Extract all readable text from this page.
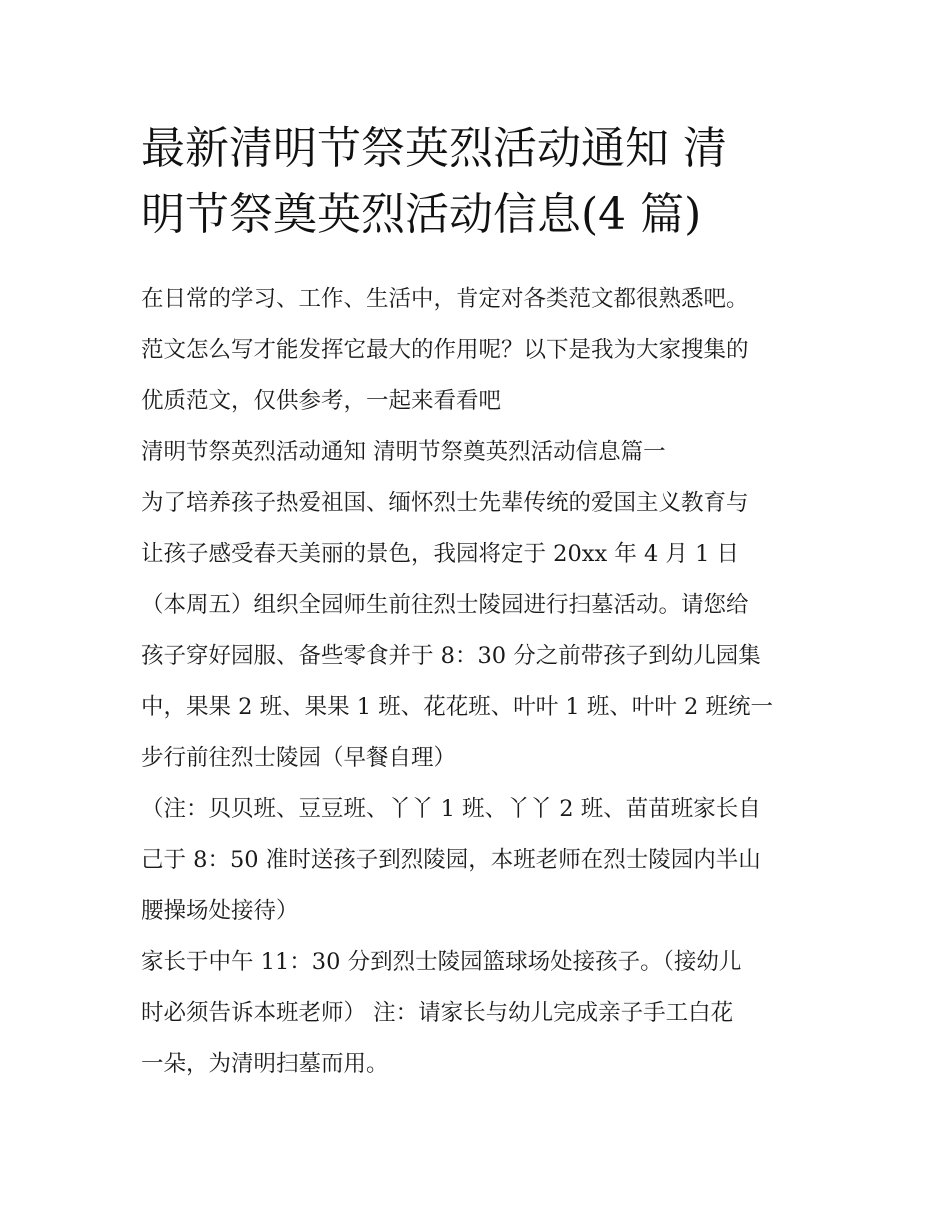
最新清明节祭英烈活动通知 清
明节祭奠英烈活动信息(4 篇)

在日常的学习、工作、生活中，肯定对各类范文都很熟悉吧。

范文怎么写才能发挥它最大的作用呢？以下是我为大家搜集的

优质范文，仅供参考，一起来看看吧

清明节祭英烈活动通知 清明节祭奠英烈活动信息篇一

为了培养孩子热爱祖国、缅怀烈士先辈传统的爱国主义教育与

让孩子感受春天美丽的景色，我园将定于 20xx 年 4 月 1 日

（本周五）组织全园师生前往烈士陵园进行扫墓活动。请您给

孩子穿好园服、备些零食并于 8：30 分之前带孩子到幼儿园集

中，果果 2 班、果果 1 班、花花班、叶叶 1 班、叶叶 2 班统一

步行前往烈士陵园（早餐自理）

（注：贝贝班、豆豆班、丫丫 1 班、丫丫 2 班、苗苗班家长自

己于 8：50 准时送孩子到烈陵园，本班老师在烈士陵园内半山

腰操场处接待）

家长于中午 11：30 分到烈士陵园篮球场处接孩子。（接幼儿

时必须告诉本班老师） 注：请家长与幼儿完成亲子手工白花

一朵，为清明扫墓而用。
